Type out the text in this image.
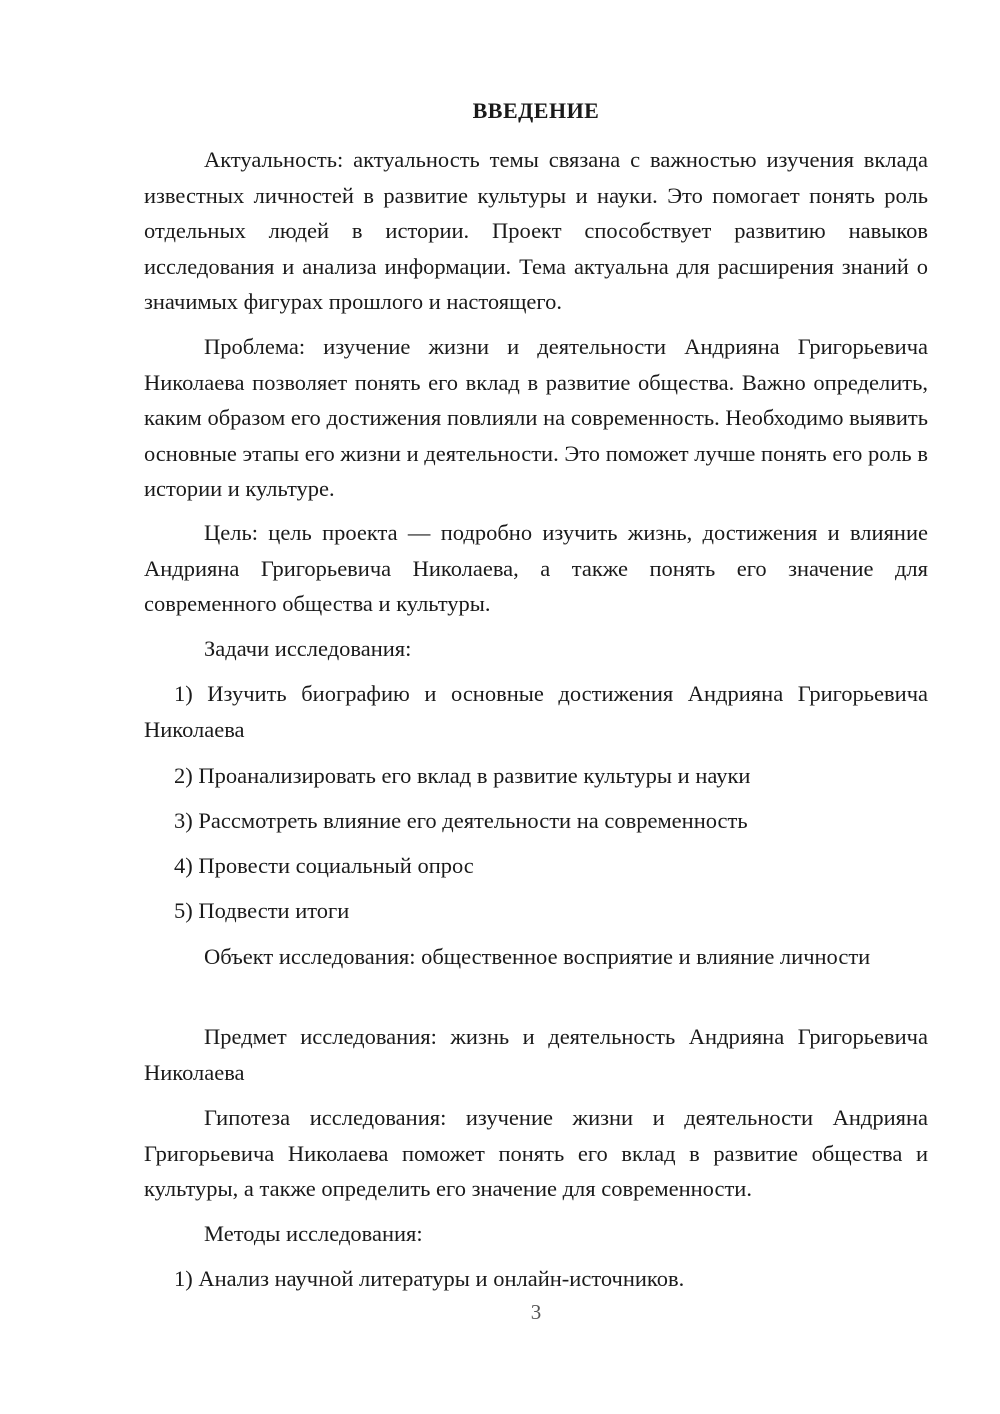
ВВЕДЕНИЕ

Актуальность: актуальность темы связана с важностью изучения вклада известных личностей в развитие культуры и науки. Это помогает понять роль отдельных людей в истории. Проект способствует развитию навыков исследования и анализа информации. Тема актуальна для расширения знаний о значимых фигурах прошлого и настоящего.

Проблема: изучение жизни и деятельности Андрияна Григорьевича Николаева позволяет понять его вклад в развитие общества. Важно определить, каким образом его достижения повлияли на современность. Необходимо выявить основные этапы его жизни и деятельности. Это поможет лучше понять его роль в истории и культуре.

Цель: цель проекта — подробно изучить жизнь, достижения и влияние Андрияна Григорьевича Николаева, а также понять его значение для современного общества и культуры.

Задачи исследования:

1) Изучить биографию и основные достижения Андрияна Григорьевича Николаева

2) Проанализировать его вклад в развитие культуры и науки

3) Рассмотреть влияние его деятельности на современность

4) Провести социальный опрос

5) Подвести итоги

Объект исследования: общественное восприятие и влияние личности

Предмет исследования: жизнь и деятельность Андрияна Григорьевича Николаева

Гипотеза исследования: изучение жизни и деятельности Андрияна Григорьевича Николаева поможет понять его вклад в развитие общества и культуры, а также определить его значение для современности.

Методы исследования:

1) Анализ научной литературы и онлайн-источников.

3
